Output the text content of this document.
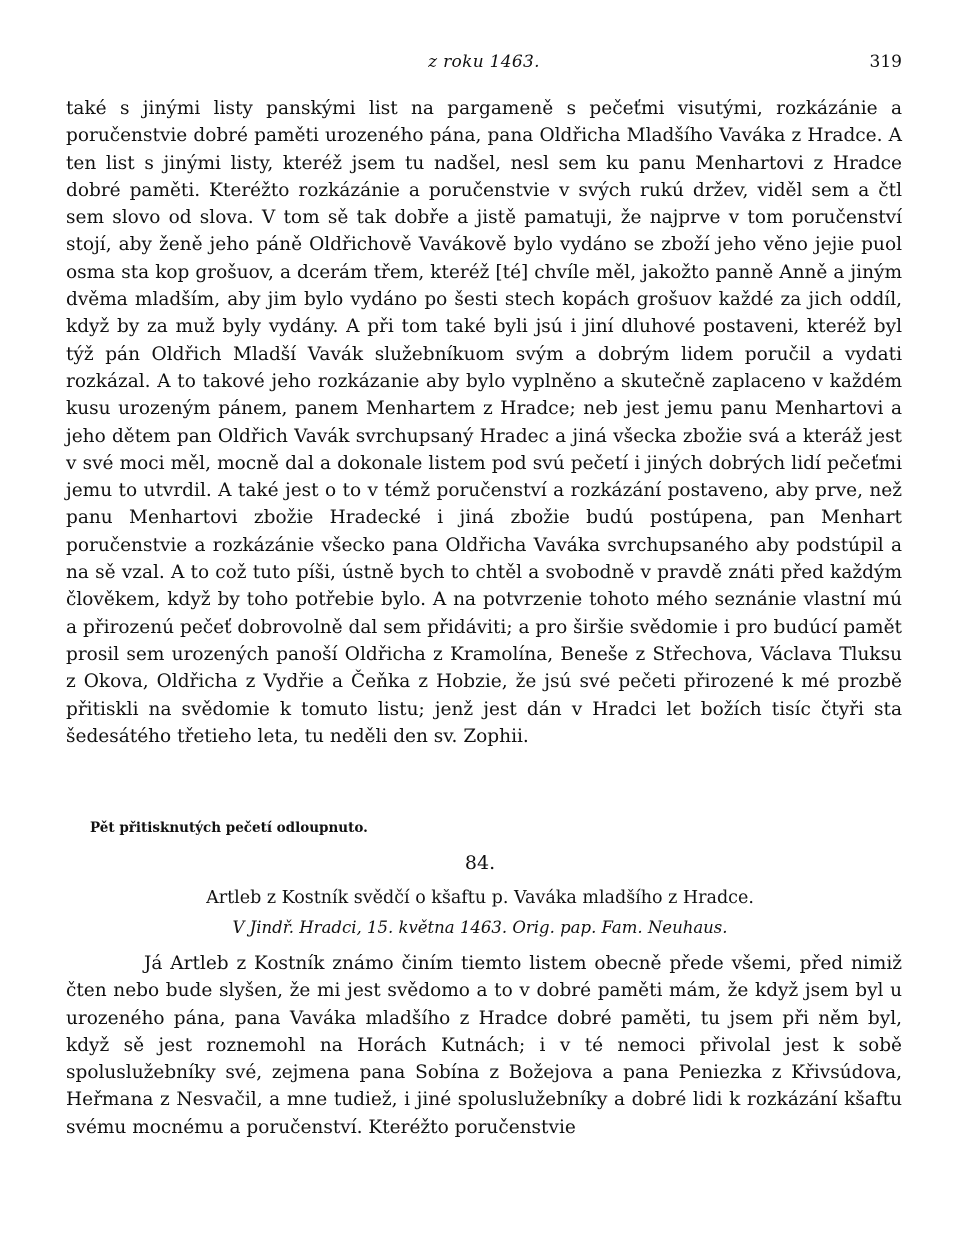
z roku 1463.	319

také s jinými listy panskými list na pargameně s pečeťmi visutými, rozkázánie a poručenstvie dobré paměti urozeného pána, pana Oldřicha Mladšího Vaváka z Hradce. A ten list s jinými listy, kteréž jsem tu nadšel, nesl sem ku panu Menhartovi z Hradce dobré paměti. Kteréžto rozkázánie a poručenstvie v svých rukú držev, viděl sem a čtl sem slovo od slova. V tom sě tak dobře a jistě pamatuji, že najprve v tom poručenství stojí, aby ženě jeho páně Oldřichově Vavákově bylo vydáno se zboží jeho věno jejie puol osma sta kop grošuov, a dcerám třem, kteréž [té] chvíle měl, jakožto panně Anně a jiným dvěma mladším, aby jim bylo vydáno po šesti stech kopách grošuov každé za jich oddíl, když by za muž byly vydány. A při tom také byli jsú i jiní dluhové postaveni, kteréž byl týž pán Oldřich Mladší Vavák služebníkuom svým a dobrým lidem poručil a vydati rozkázal. A to takové jeho rozkázanie aby bylo vyplněno a skutečně zaplaceno v každém kusu urozeným pánem, panem Menhartem z Hradce; neb jest jemu panu Menhartovi a jeho dětem pan Oldřich Vavák svrchupsaný Hradec a jiná všecka zbožie svá a kteráž jest v své moci měl, mocně dal a dokonale listem pod svú pečetí i jiných dobrých lidí pečeťmi jemu to utvrdil. A také jest o to v témž poručenství a rozkázání postaveno, aby prve, než panu Menhartovi zbožie Hradecké i jiná zbožie budú postúpena, pan Menhart poručenstvie a rozkázánie všecko pana Oldřicha Vaváka svrchupsaného aby podstúpil a na sě vzal. A to což tuto píši, ústně bych to chtěl a svobodně v pravdě znáti před každým člověkem, když by toho potřebie bylo. A na potvrzenie tohoto mého seznánie vlastní mú a přirozenú pečeť dobrovolně dal sem přidáviti; a pro širšie svědomie i pro budúcí pamět prosil sem urozených panoší Oldřicha z Kramolína, Beneše z Střechova, Václava Tluksu z Okova, Oldřicha z Vydřie a Čeňka z Hobzie, že jsú své pečeti přirozené k mé prozbě přitiskli na svědomie k tomuto listu; jenž jest dán v Hradci let božích tisíc čtyři sta šedesátého třetieho leta, tu neděli den sv. Zophii.

Pět přitisknutých pečetí odloupnuto.

84.
Artleb z Kostník svědčí o kšaftu p. Vaváka mladšího z Hradce.
V Jindř. Hradci, 15. května 1463. Orig. pap. Fam. Neuhaus.

Já Artleb z Kostník známo činím tiemto listem obecně přede všemi, před nimiž čten nebo bude slyšen, že mi jest svědomo a to v dobré paměti mám, že když jsem byl u urozeného pána, pana Vaváka mladšího z Hradce dobré paměti, tu jsem při něm byl, když sě jest roznemohl na Horách Kutnách; i v té nemoci přivolal jest k sobě spoluslužebníky své, zejmena pana Sobína z Božejova a pana Peniezka z Křivsúdova, Heřmana z Nesvačil, a mne tudiež, i jiné spoluslužebníky a dobré lidi k rozkázání kšaftu svému mocnému a poručenství. Kteréžto poručenstvie
